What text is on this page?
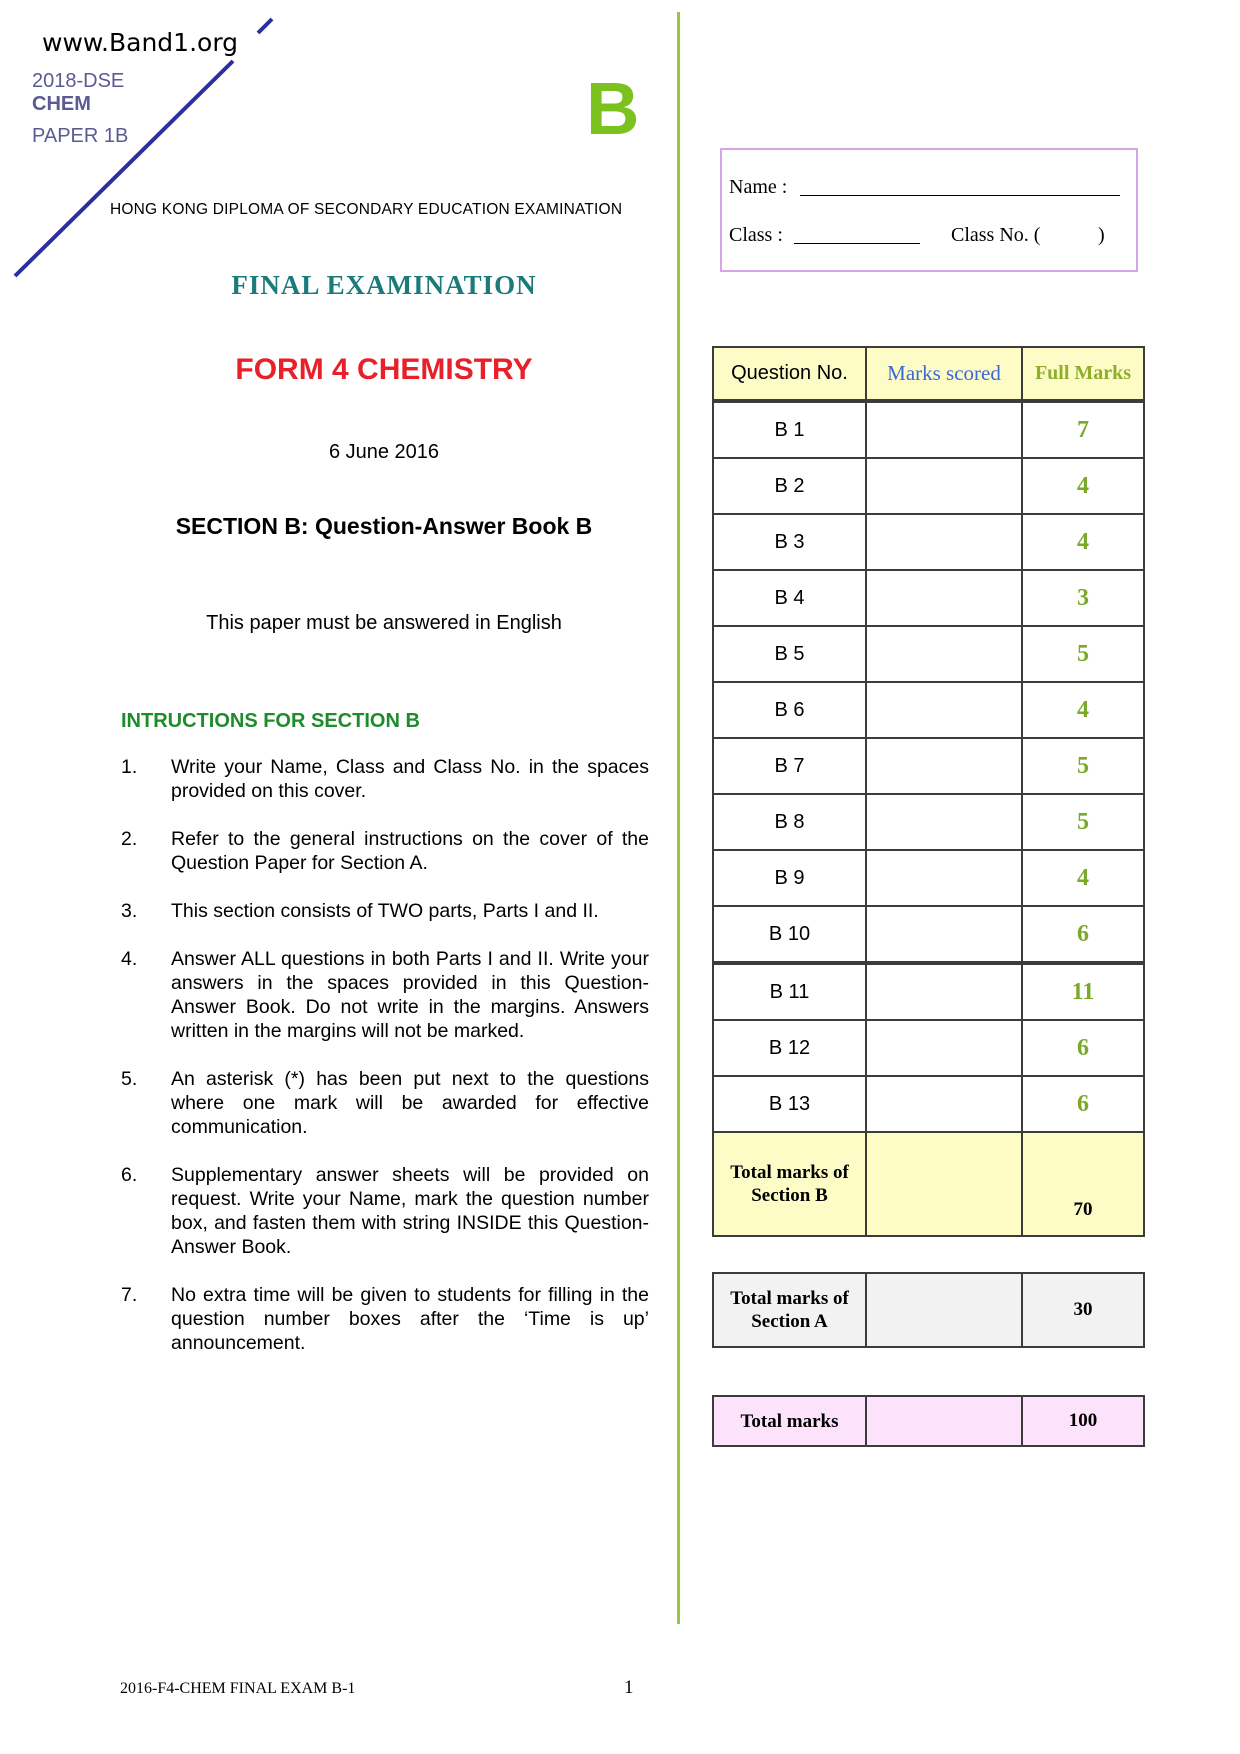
www.Band1.org
2018-DSE
CHEM
PAPER 1B	B
HONG KONG DIPLOMA OF SECONDARY EDUCATION EXAMINATION
FINAL EXAMINATION
FORM 4 CHEMISTRY
6 June 2016
SECTION B: Question-Answer Book B
This paper must be answered in English
INTRUCTIONS FOR SECTION B
1.	Write your Name, Class and Class No. in the spaces provided on this cover.
2.	Refer to the general instructions on the cover of the Question Paper for Section A.
3.	This section consists of TWO parts, Parts I and II.
4.	Answer ALL questions in both Parts I and II. Write your answers in the spaces provided in this Question-Answer Book. Do not write in the margins. Answers written in the margins will not be marked.
5.	An asterisk (*) has been put next to the questions where one mark will be awarded for effective communication.
6.	Supplementary answer sheets will be provided on request. Write your Name, mark the question number box, and fasten them with string INSIDE this Question-Answer Book.
7.	No extra time will be given to students for filling in the question number boxes after the ‘Time is up’ announcement.
Name :
Class :	Class No. (	)
Question No.	Marks scored	Full Marks
B 1		7
B 2		4
B 3		4
B 4		3
B 5		5
B 6		4
B 7		5
B 8		5
B 9		4
B 10		6
B 11		11
B 12		6
B 13		6
Total marks of
Section B		70
Total marks of
Section A		30
Total marks		100
2016-F4-CHEM FINAL EXAM B-1	1
